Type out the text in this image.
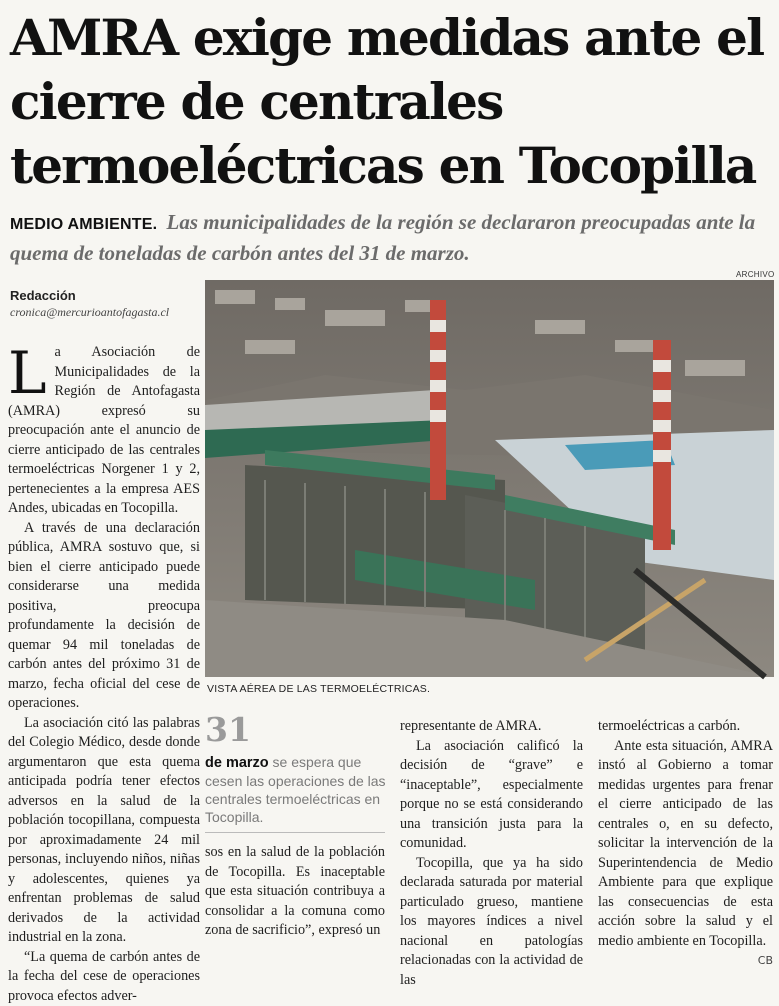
AMRA exige medidas ante el
cierre de centrales
termoeléctricas en Tocopilla
MEDIO AMBIENTE. Las municipalidades de la región se declararon preocupadas ante la quema de toneladas de carbón antes del 31 de marzo.
Redacción
cronica@mercurioantofagasta.cl

La Asociación de Municipalidades de la Región de Antofagasta (AMRA) expresó su preocupación ante el anuncio de cierre anticipado de las centrales termoeléctricas Norgener 1 y 2, pertenecientes a la empresa AES Andes, ubicadas en Tocopilla.

A través de una declaración pública, AMRA sostuvo que, si bien el cierre anticipado puede considerarse una medida positiva, preocupa profundamente la decisión de quemar 94 mil toneladas de carbón antes del próximo 31 de marzo, fecha oficial del cese de operaciones.

La asociación citó las palabras del Colegio Médico, desde donde argumentaron que esta quema anticipada podría tener efectos adversos en la salud de la población tocopillana, compuesta por aproximadamente 24 mil personas, incluyendo niños, niñas y adolescentes, quienes ya enfrentan problemas de salud derivados de la actividad industrial en la zona.

“La quema de carbón antes de la fecha del cese de operaciones provoca efectos adver-

ARCHIVO
VISTA AÉREA DE LAS TERMOELÉCTRICAS.
31
de marzo se espera que cesen las operaciones de las centrales termoeléctricas en Tocopilla.

sos en la salud de la población de Tocopilla. Es inaceptable que esta situación contribuya a consolidar a la comuna como zona de sacrificio”, expresó un

representante de AMRA.

La asociación calificó la decisión de “grave” e “inaceptable”, especialmente porque no se está considerando una transición justa para la comunidad.

Tocopilla, que ya ha sido declarada saturada por material particulado grueso, mantiene los mayores índices a nivel nacional en patologías relacionadas con la actividad de las

termoeléctricas a carbón.

Ante esta situación, AMRA instó al Gobierno a tomar medidas urgentes para frenar el cierre anticipado de las centrales o, en su defecto, solicitar la intervención de la Superintendencia de Medio Ambiente para que explique las consecuencias de esta acción sobre la salud y el medio ambiente en Tocopilla.
CB
